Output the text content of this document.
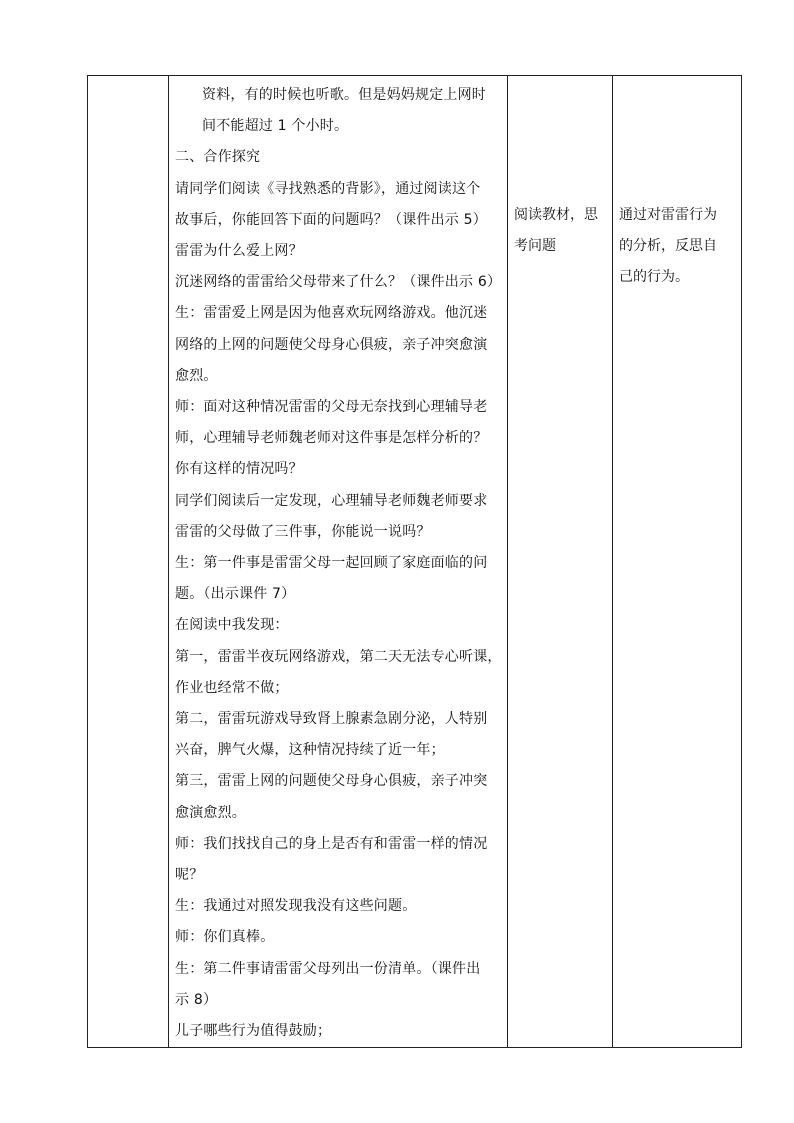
资料，有的时候也听歌。但是妈妈规定上网时
间不能超过 1 个小时。
二、合作探究
请同学们阅读《寻找熟悉的背影》，通过阅读这个
故事后，你能回答下面的问题吗？（课件出示 5）
雷雷为什么爱上网？
沉迷网络的雷雷给父母带来了什么？（课件出示 6）
生：雷雷爱上网是因为他喜欢玩网络游戏。他沉迷
网络的上网的问题使父母身心俱疲，亲子冲突愈演
愈烈。
师：面对这种情况雷雷的父母无奈找到心理辅导老
师，心理辅导老师魏老师对这件事是怎样分析的？
你有这样的情况吗？
同学们阅读后一定发现，心理辅导老师魏老师要求
雷雷的父母做了三件事，你能说一说吗？
生：第一件事是雷雷父母一起回顾了家庭面临的问
题。（出示课件 7）
在阅读中我发现：
第一，雷雷半夜玩网络游戏，第二天无法专心听课，
作业也经常不做；
第二，雷雷玩游戏导致肾上腺素急剧分泌，人特别
兴奋，脾气火爆，这种情况持续了近一年；
第三，雷雷上网的问题使父母身心俱疲，亲子冲突
愈演愈烈。
师：我们找找自己的身上是否有和雷雷一样的情况
呢？
生：我通过对照发现我没有这些问题。
师：你们真棒。
生：第二件事请雷雷父母列出一份清单。（课件出
示 8）
儿子哪些行为值得鼓励；

阅读教材，思
考问题

通过对雷雷行为
的分析，反思自
己的行为。
